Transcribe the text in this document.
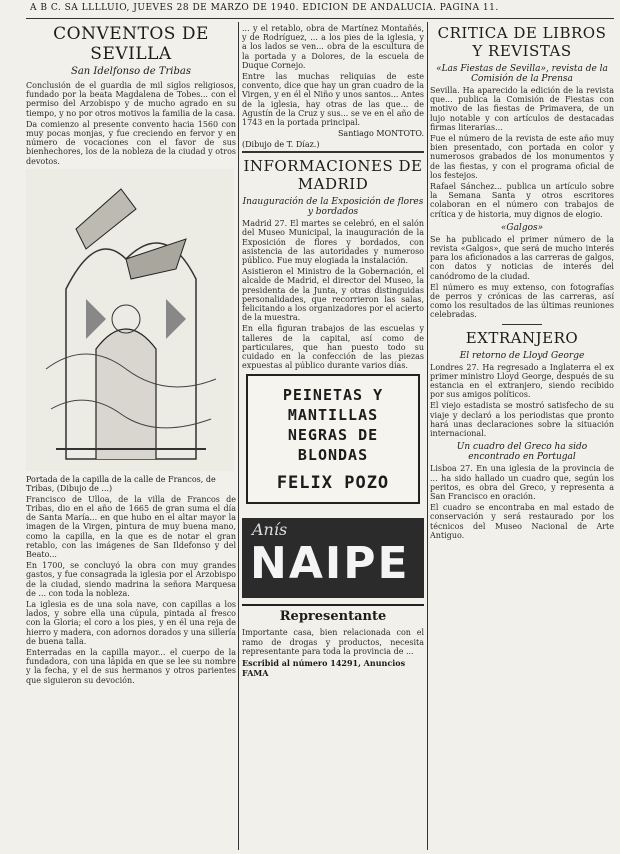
A B C. SA LLLLUIO, JUEVES 28 DE MARZO DE 1940. EDICION DE ANDALUCIA. PAGINA 11.
CONVENTOS DE SEVILLA
San Idelfonso de Tribas

Conclusión de el guardia de mil siglos religiosos, fundado por la beata Magdalena de Tobes... con el permiso del Arzobispo y de mucho agrado en su tiempo, y no por otros motivos la familia de la casa.

Da comienzo al presente convento hacia 1560 con muy pocas monjas, y fue creciendo en fervor y en número de vocaciones con el favor de sus bienhechores, los de la nobleza de la ciudad y otros devotos.

Portada de la capilla de la calle de Francos, de Tribas, (Dibujo de ...)

Francisco de Ulloa, de la villa de Francos de Tribas, dio en el año de 1665 de gran suma el día de Santa María... en que hubo en el altar mayor la imagen de la Virgen, pintura de muy buena mano, como la capilla, en la que es de notar el gran retablo, con las imágenes de San Ildefonso y del Beato...

En 1700, se concluyó la obra con muy grandes gastos, y fue consagrada la iglesia por el Arzobispo de la ciudad, siendo madrina la señora Marquesa de ... con toda la nobleza.

La iglesia es de una sola nave, con capillas a los lados, y sobre ella una cúpula, pintada al fresco con la Gloria; el coro a los pies, y en él una reja de hierro y madera, con adornos dorados y una sillería de buena talla.

Enterradas en la capilla mayor... el cuerpo de la fundadora, con una lápida en que se lee su nombre y la fecha, y el de sus hermanos y otros parientes que siguieron su devoción.

... y el retablo, obra de Martínez Montañés, y de Rodríguez, ... a los pies de la iglesia, y a los lados se ven... obra de la escultura de la portada y a Dolores, de la escuela de Duque Cornejo.

Entre las muchas reliquias de este convento, dice que hay un gran cuadro de la Virgen, y en él el Niño y unos santos... Antes de la iglesia, hay otras de las que... de Agustín de la Cruz y sus... se ve en el año de 1743 en la portada principal.

Santiago MONTOTO.
(Dibujo de T. Díaz.)
INFORMACIONES DE MADRID
Inauguración de la Exposición de flores y bordados

Madrid 27. El martes se celebró, en el salón del Museo Municipal, la inauguración de la Exposición de flores y bordados, con asistencia de las autoridades y numeroso público. Fue muy elogiada la instalación.

Asistieron el Ministro de la Gobernación, el alcalde de Madrid, el director del Museo, la presidenta de la Junta, y otras distinguidas personalidades, que recorrieron las salas, felicitando a los organizadores por el acierto de la muestra.

En ella figuran trabajos de las escuelas y talleres de la capital, así como de particulares, que han puesto todo su cuidado en la confección de las piezas expuestas al público durante varios días.

PEINETAS Y
MANTILLAS
NEGRAS DE
BLONDAS
FELIX POZO
Anís
NAIPE
Representante

Importante casa, bien relacionada con el ramo de drogas y productos, necesita representante para toda la provincia de ...

Escribid al número 14291, Anuncios FAMA
CRITICA DE LIBROS Y REVISTAS
«Las Fiestas de Sevilla», revista de la Comisión de la Prensa

Sevilla. Ha aparecido la edición de la revista que... publica la Comisión de Fiestas con motivo de las fiestas de Primavera, de un lujo notable y con artículos de destacadas firmas literarias...

Fue el número de la revista de este año muy bien presentado, con portada en color y numerosos grabados de los monumentos y de las fiestas, y con el programa oficial de los festejos.

Rafael Sánchez... publica un artículo sobre la Semana Santa y otros escritores colaboran en el número con trabajos de crítica y de historia, muy dignos de elogio.

«Galgos»

Se ha publicado el primer número de la revista «Galgos», que será de mucho interés para los aficionados a las carreras de galgos, con datos y noticias de interés del canódromo de la ciudad.

El número es muy extenso, con fotografías de perros y crónicas de las carreras, así como los resultados de las últimas reuniones celebradas.

EXTRANJERO
El retorno de Lloyd George

Londres 27. Ha regresado a Inglaterra el ex primer ministro Lloyd George, después de su estancia en el extranjero, siendo recibido por sus amigos políticos.

El viejo estadista se mostró satisfecho de su viaje y declaró a los periodistas que pronto hará unas declaraciones sobre la situación internacional.

Un cuadro del Greco ha sido encontrado en Portugal

Lisboa 27. En una iglesia de la provincia de ... ha sido hallado un cuadro que, según los peritos, es obra del Greco, y representa a San Francisco en oración.

El cuadro se encontraba en mal estado de conservación y será restaurado por los técnicos del Museo Nacional de Arte Antiguo.
